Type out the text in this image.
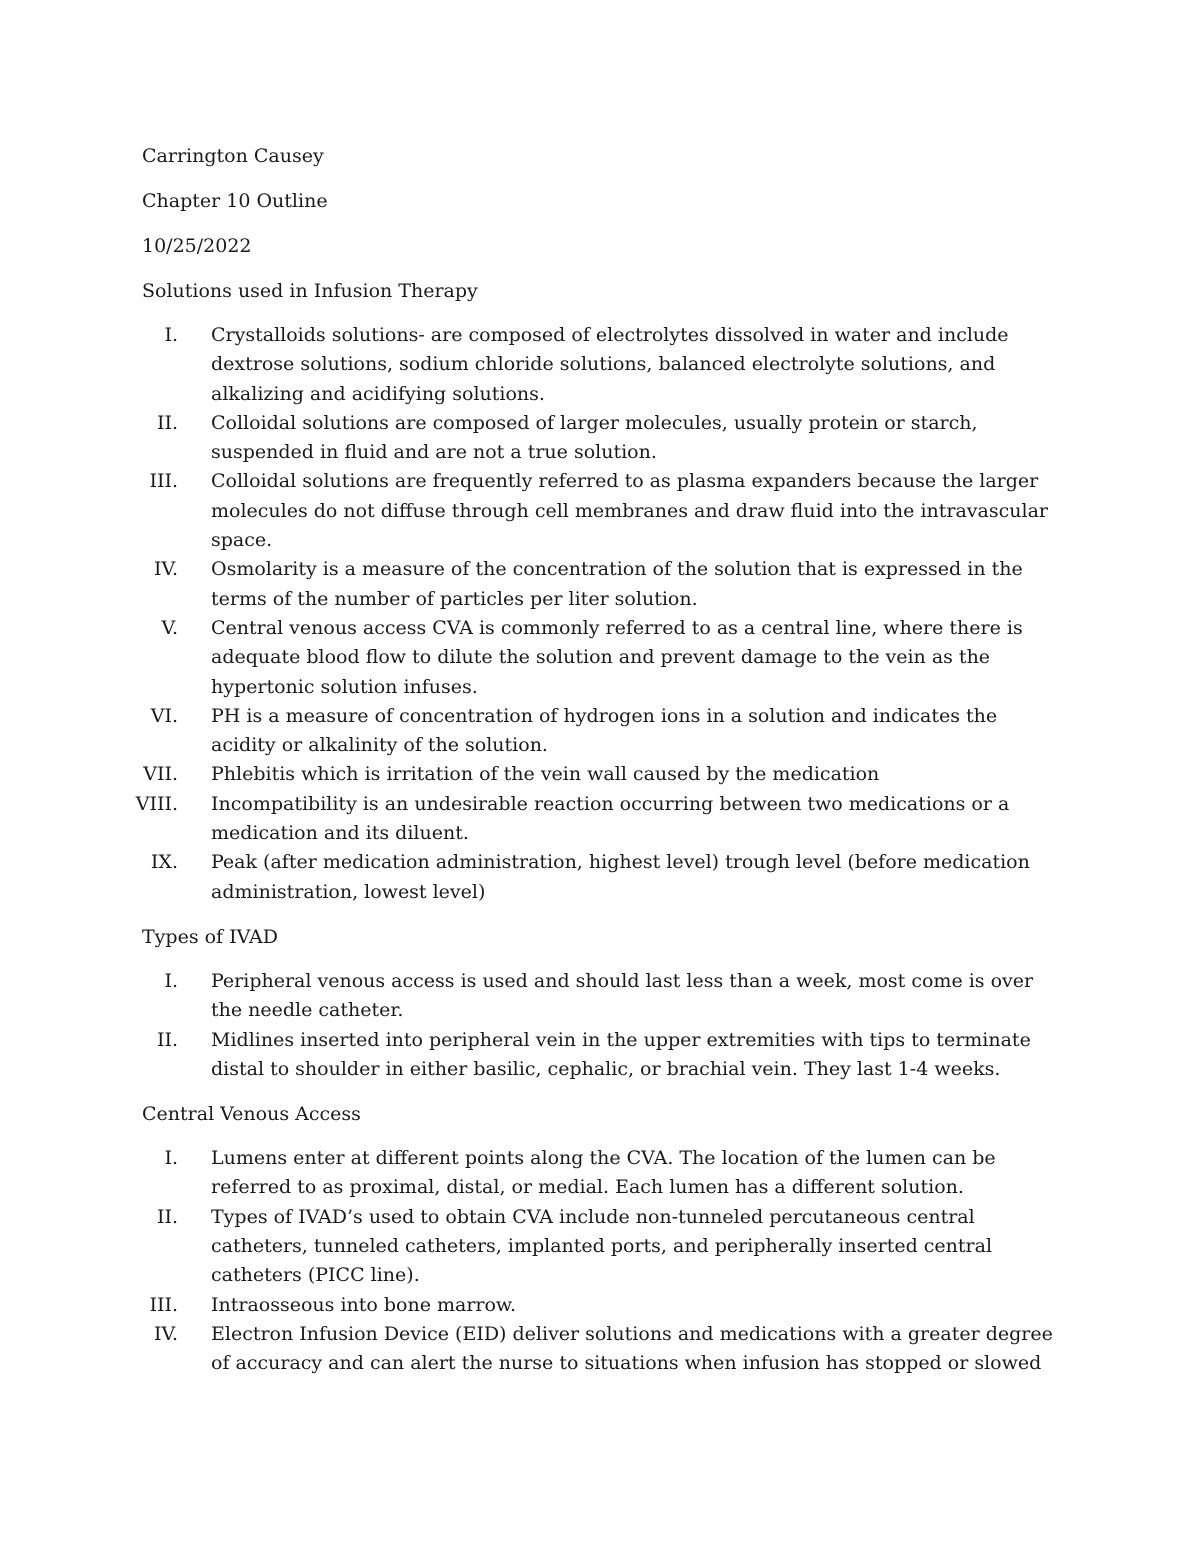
Carrington Causey

Chapter 10 Outline

10/25/2022

Solutions used in Infusion Therapy

I. Crystalloids solutions- are composed of electrolytes dissolved in water and include dextrose solutions, sodium chloride solutions, balanced electrolyte solutions, and alkalizing and acidifying solutions.
II. Colloidal solutions are composed of larger molecules, usually protein or starch, suspended in fluid and are not a true solution.
III. Colloidal solutions are frequently referred to as plasma expanders because the larger molecules do not diffuse through cell membranes and draw fluid into the intravascular space.
IV. Osmolarity is a measure of the concentration of the solution that is expressed in the terms of the number of particles per liter solution.
V. Central venous access CVA is commonly referred to as a central line, where there is adequate blood flow to dilute the solution and prevent damage to the vein as the hypertonic solution infuses.
VI. PH is a measure of concentration of hydrogen ions in a solution and indicates the acidity or alkalinity of the solution.
VII. Phlebitis which is irritation of the vein wall caused by the medication
VIII. Incompatibility is an undesirable reaction occurring between two medications or a medication and its diluent.
IX. Peak (after medication administration, highest level) trough level (before medication administration, lowest level)

Types of IVAD

I. Peripheral venous access is used and should last less than a week, most come is over the needle catheter.
II. Midlines inserted into peripheral vein in the upper extremities with tips to terminate distal to shoulder in either basilic, cephalic, or brachial vein. They last 1-4 weeks.

Central Venous Access

I. Lumens enter at different points along the CVA. The location of the lumen can be referred to as proximal, distal, or medial. Each lumen has a different solution.
II. Types of IVAD’s used to obtain CVA include non-tunneled percutaneous central catheters, tunneled catheters, implanted ports, and peripherally inserted central catheters (PICC line).
III. Intraosseous into bone marrow.
IV. Electron Infusion Device (EID) deliver solutions and medications with a greater degree of accuracy and can alert the nurse to situations when infusion has stopped or slowed
